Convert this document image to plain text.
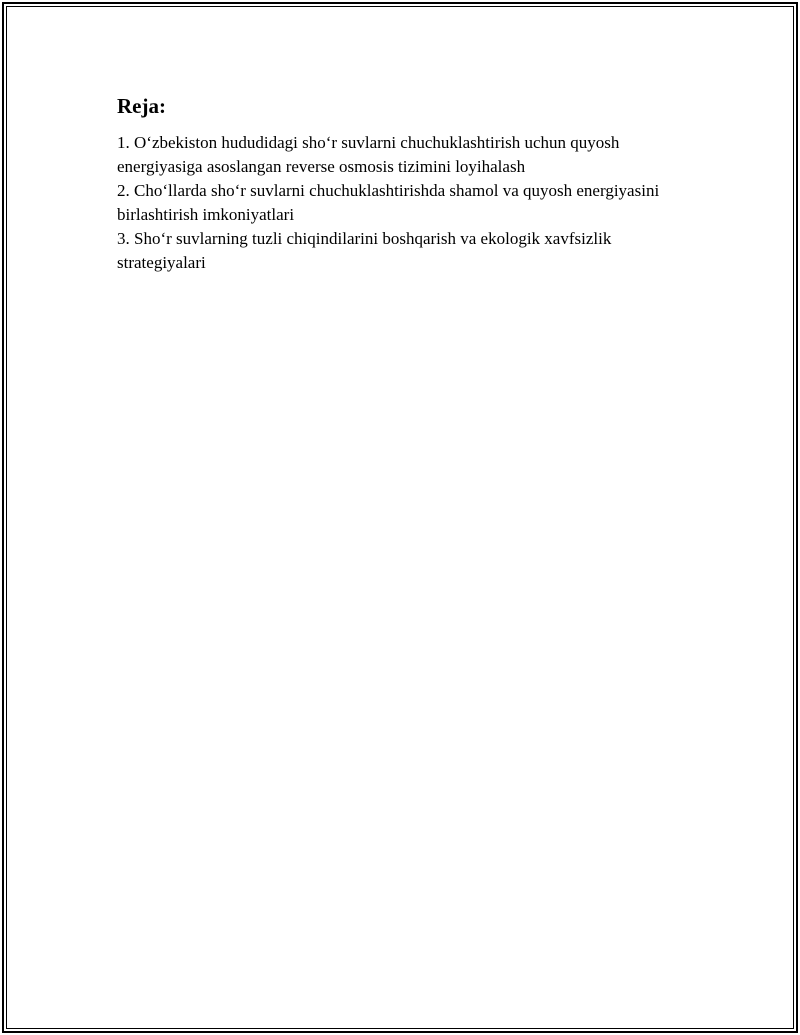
Reja:
1. O‘zbekiston hududidagi sho‘r suvlarni chuchuklashtirish uchun quyosh energiyasiga asoslangan reverse osmosis tizimini loyihalash
2. Cho‘llarda sho‘r suvlarni chuchuklashtirishda shamol va quyosh energiyasini birlashtirish imkoniyatlari
3. Sho‘r suvlarning tuzli chiqindilarini boshqarish va ekologik xavfsizlik strategiyalari
